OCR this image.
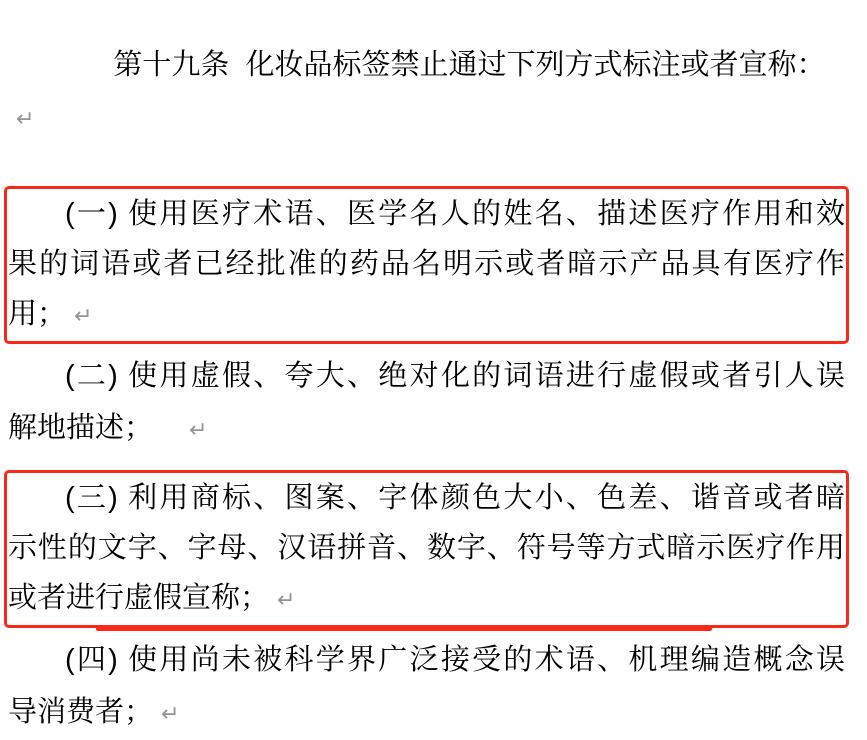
第十九条  化妆品标签禁止通过下列方式标注或者宣称：↵

(一) 使用医疗术语、医学名人的姓名、描述医疗作用和效
果的词语或者已经批准的药品名明示或者暗示产品具有医疗作
用； ↵
(二) 使用虚假、夸大、绝对化的词语进行虚假或者引人误
解地描述； ↵
(三) 利用商标、图案、字体颜色大小、色差、谐音或者暗
示性的文字、字母、汉语拼音、数字、符号等方式暗示医疗作用
或者进行虚假宣称； ↵
(四) 使用尚未被科学界广泛接受的术语、机理编造概念误
导消费者； ↵
